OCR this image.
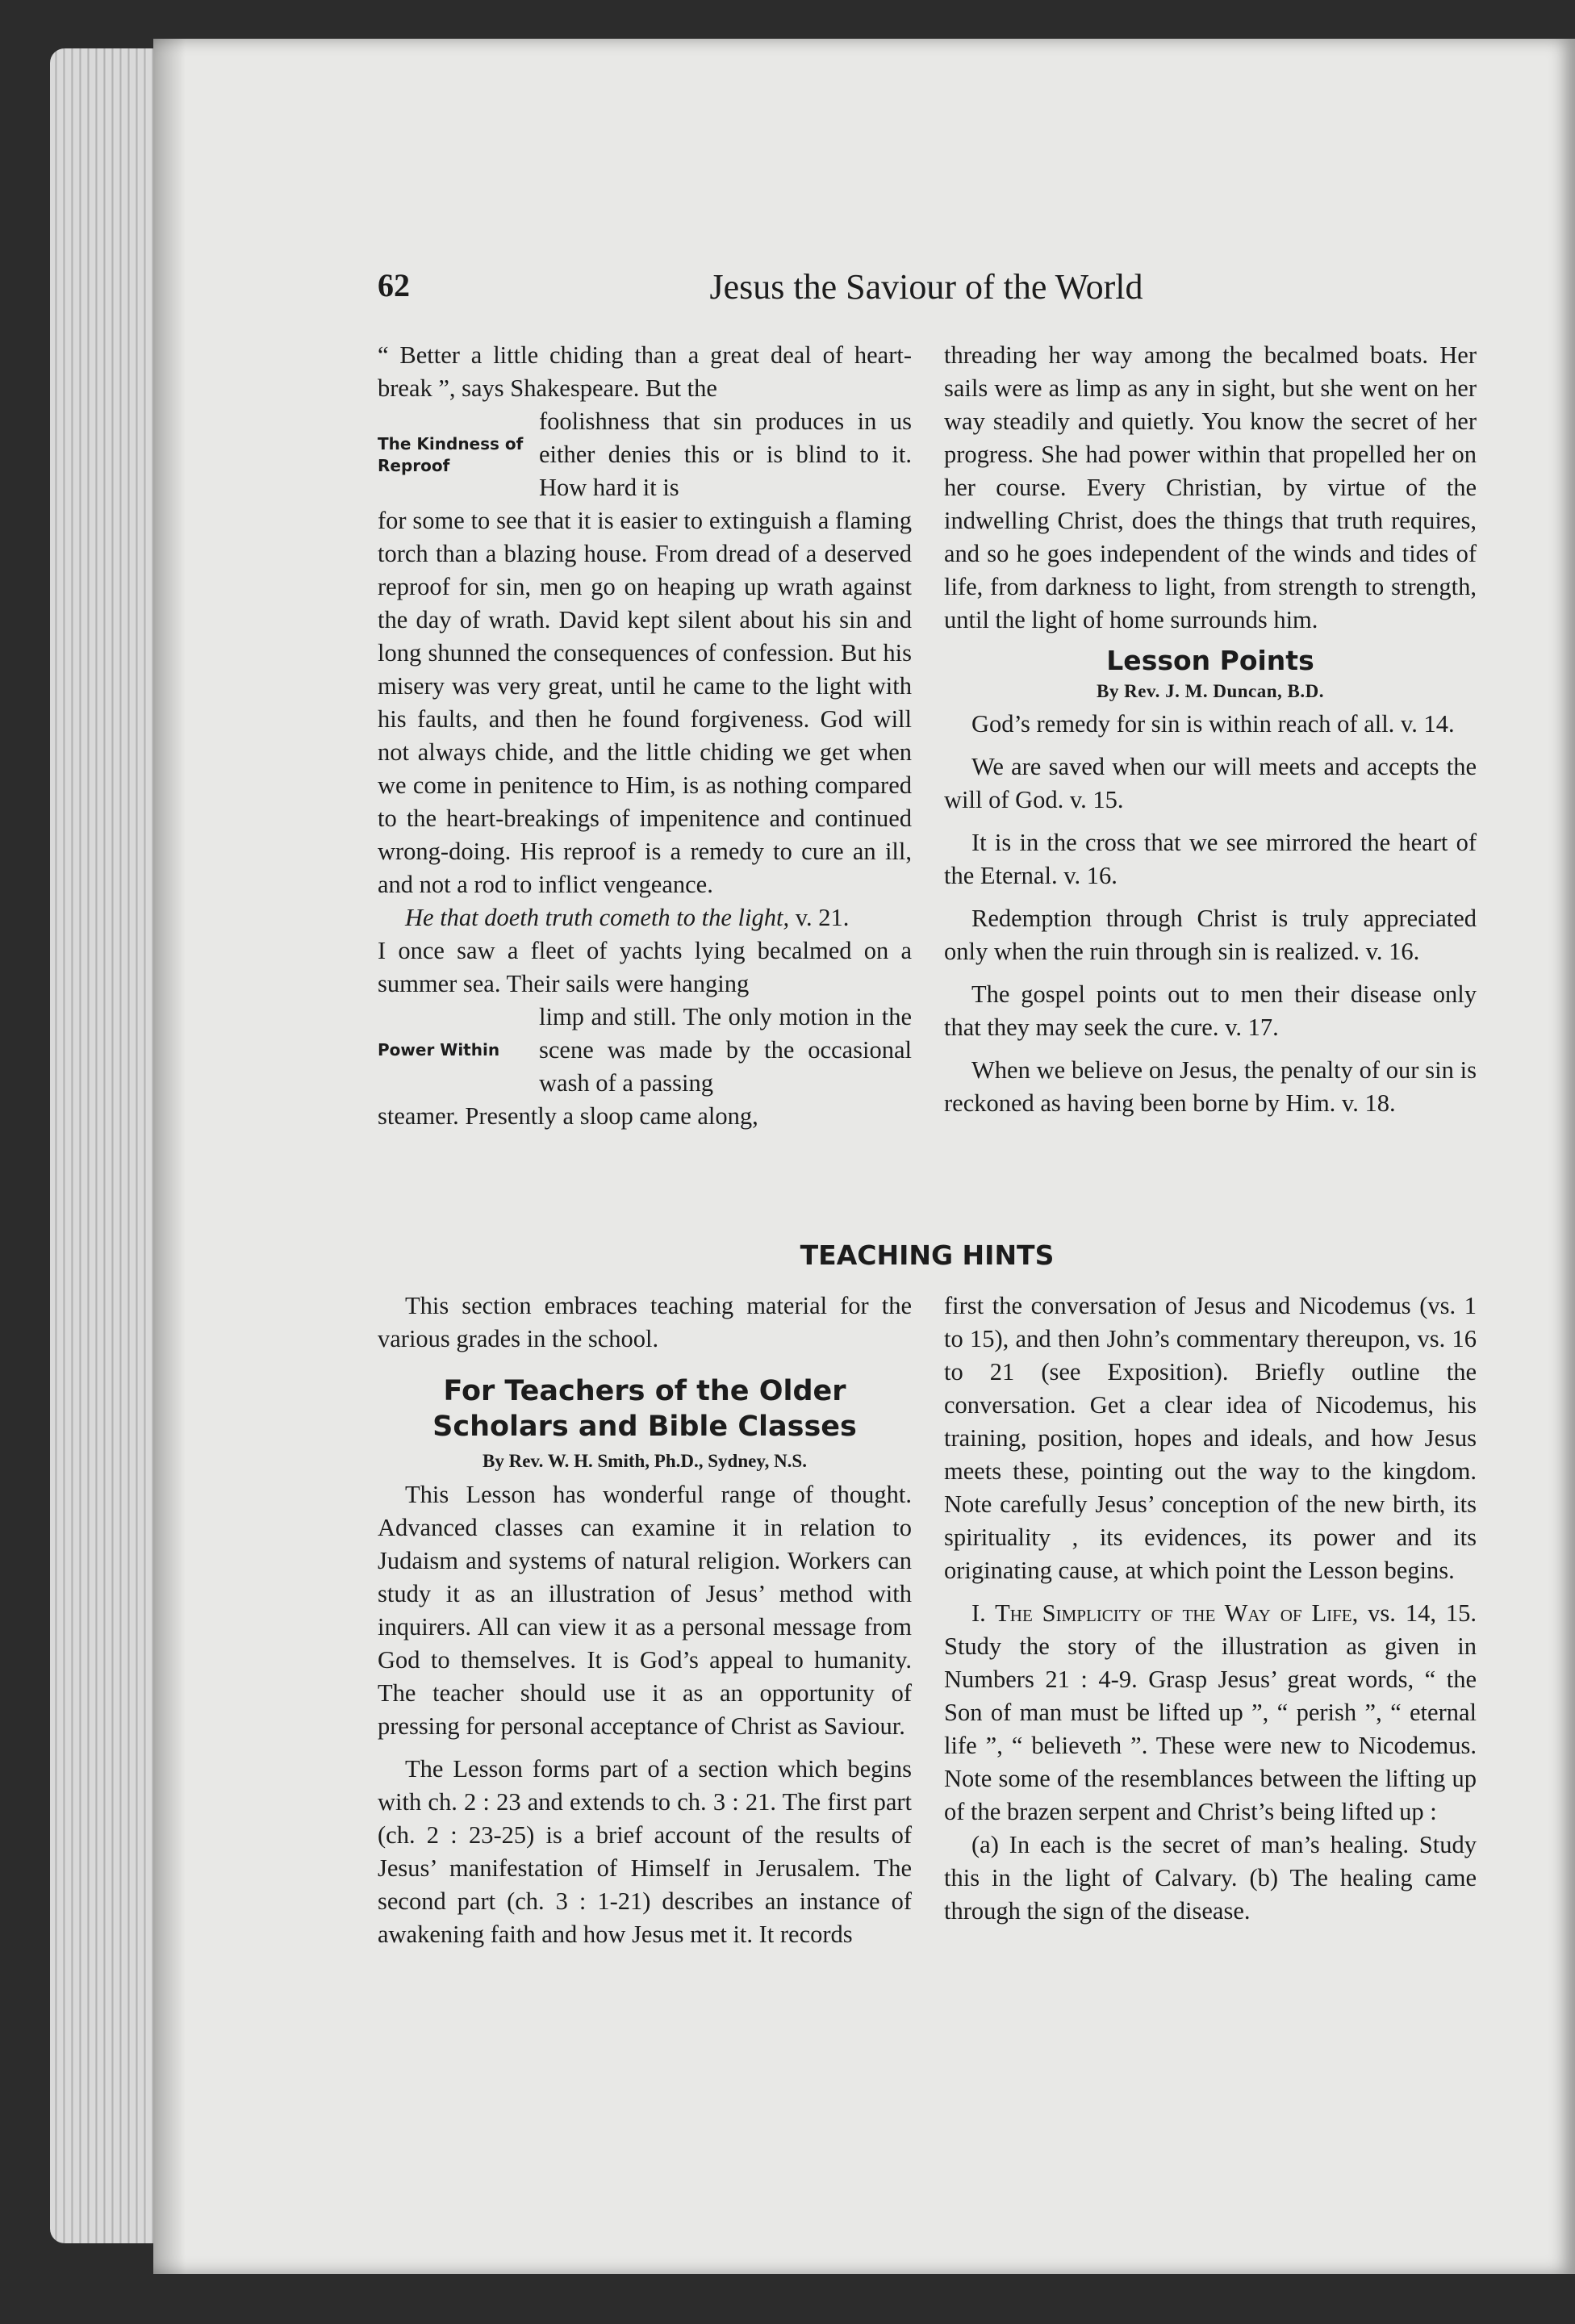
62	Jesus the Saviour of the World

“ Better a little chiding than a great deal of heart-break ”, says Shakespeare. But the

The Kindness of Reproof
foolishness that sin produces in us either denies this or is blind to it. How hard it is

for some to see that it is easier to extinguish a flaming torch than a blazing house. From dread of a deserved reproof for sin, men go on heaping up wrath against the day of wrath. David kept silent about his sin and long shunned the consequences of confession. But his misery was very great, until he came to the light with his faults, and then he found forgiveness. God will not always chide, and the little chiding we get when we come in penitence to Him, is as nothing compared to the heart-breakings of impenitence and continued wrong-doing. His reproof is a remedy to cure an ill, and not a rod to inflict vengeance.

He that doeth truth cometh to the light, v. 21.

I once saw a fleet of yachts lying becalmed on a summer sea. Their sails were hanging

Power Within
limp and still. The only motion in the scene was made by the occasional wash of a passing

steamer. Presently a sloop came along,

threading her way among the becalmed boats. Her sails were as limp as any in sight, but she went on her way steadily and quietly. You know the secret of her progress. She had power within that propelled her on her course. Every Christian, by virtue of the indwelling Christ, does the things that truth requires, and so he goes independent of the winds and tides of life, from darkness to light, from strength to strength, until the light of home surrounds him.

Lesson Points
By Rev. J. M. Duncan, B.D.

God’s remedy for sin is within reach of all. v. 14.

We are saved when our will meets and accepts the will of God. v. 15.

It is in the cross that we see mirrored the heart of the Eternal. v. 16.

Redemption through Christ is truly appreciated only when the ruin through sin is realized. v. 16.

The gospel points out to men their disease only that they may seek the cure. v. 17.

When we believe on Jesus, the penalty of our sin is reckoned as having been borne by Him. v. 18.

TEACHING HINTS

This section embraces teaching material for the various grades in the school.

For Teachers of the Older Scholars and Bible Classes
By Rev. W. H. Smith, Ph.D., Sydney, N.S.

This Lesson has wonderful range of thought. Advanced classes can examine it in relation to Judaism and systems of natural religion. Workers can study it as an illustration of Jesus’ method with inquirers. All can view it as a personal message from God to themselves. It is God’s appeal to humanity. The teacher should use it as an opportunity of pressing for personal acceptance of Christ as Saviour.

The Lesson forms part of a section which begins with ch. 2 : 23 and extends to ch. 3 : 21. The first part (ch. 2 : 23-25) is a brief account of the results of Jesus’ manifestation of Himself in Jerusalem. The second part (ch. 3 : 1-21) describes an instance of awakening faith and how Jesus met it. It records

first the conversation of Jesus and Nicodemus (vs. 1 to 15), and then John’s commentary thereupon, vs. 16 to 21 (see Exposition). Briefly outline the conversation. Get a clear idea of Nicodemus, his training, position, hopes and ideals, and how Jesus meets these, pointing out the way to the kingdom. Note carefully Jesus’ conception of the new birth, its spirituality , its evidences, its power and its originating cause, at which point the Lesson begins.

I. The Simplicity of the Way of Life, vs. 14, 15. Study the story of the illustration as given in Numbers 21 : 4-9. Grasp Jesus’ great words, “ the Son of man must be lifted up ”, “ perish ”, “ eternal life ”, “ believeth ”. These were new to Nicodemus. Note some of the resemblances between the lifting up of the brazen serpent and Christ’s being lifted up :

(a) In each is the secret of man’s healing. Study this in the light of Calvary. (b) The healing came through the sign of the disease.
